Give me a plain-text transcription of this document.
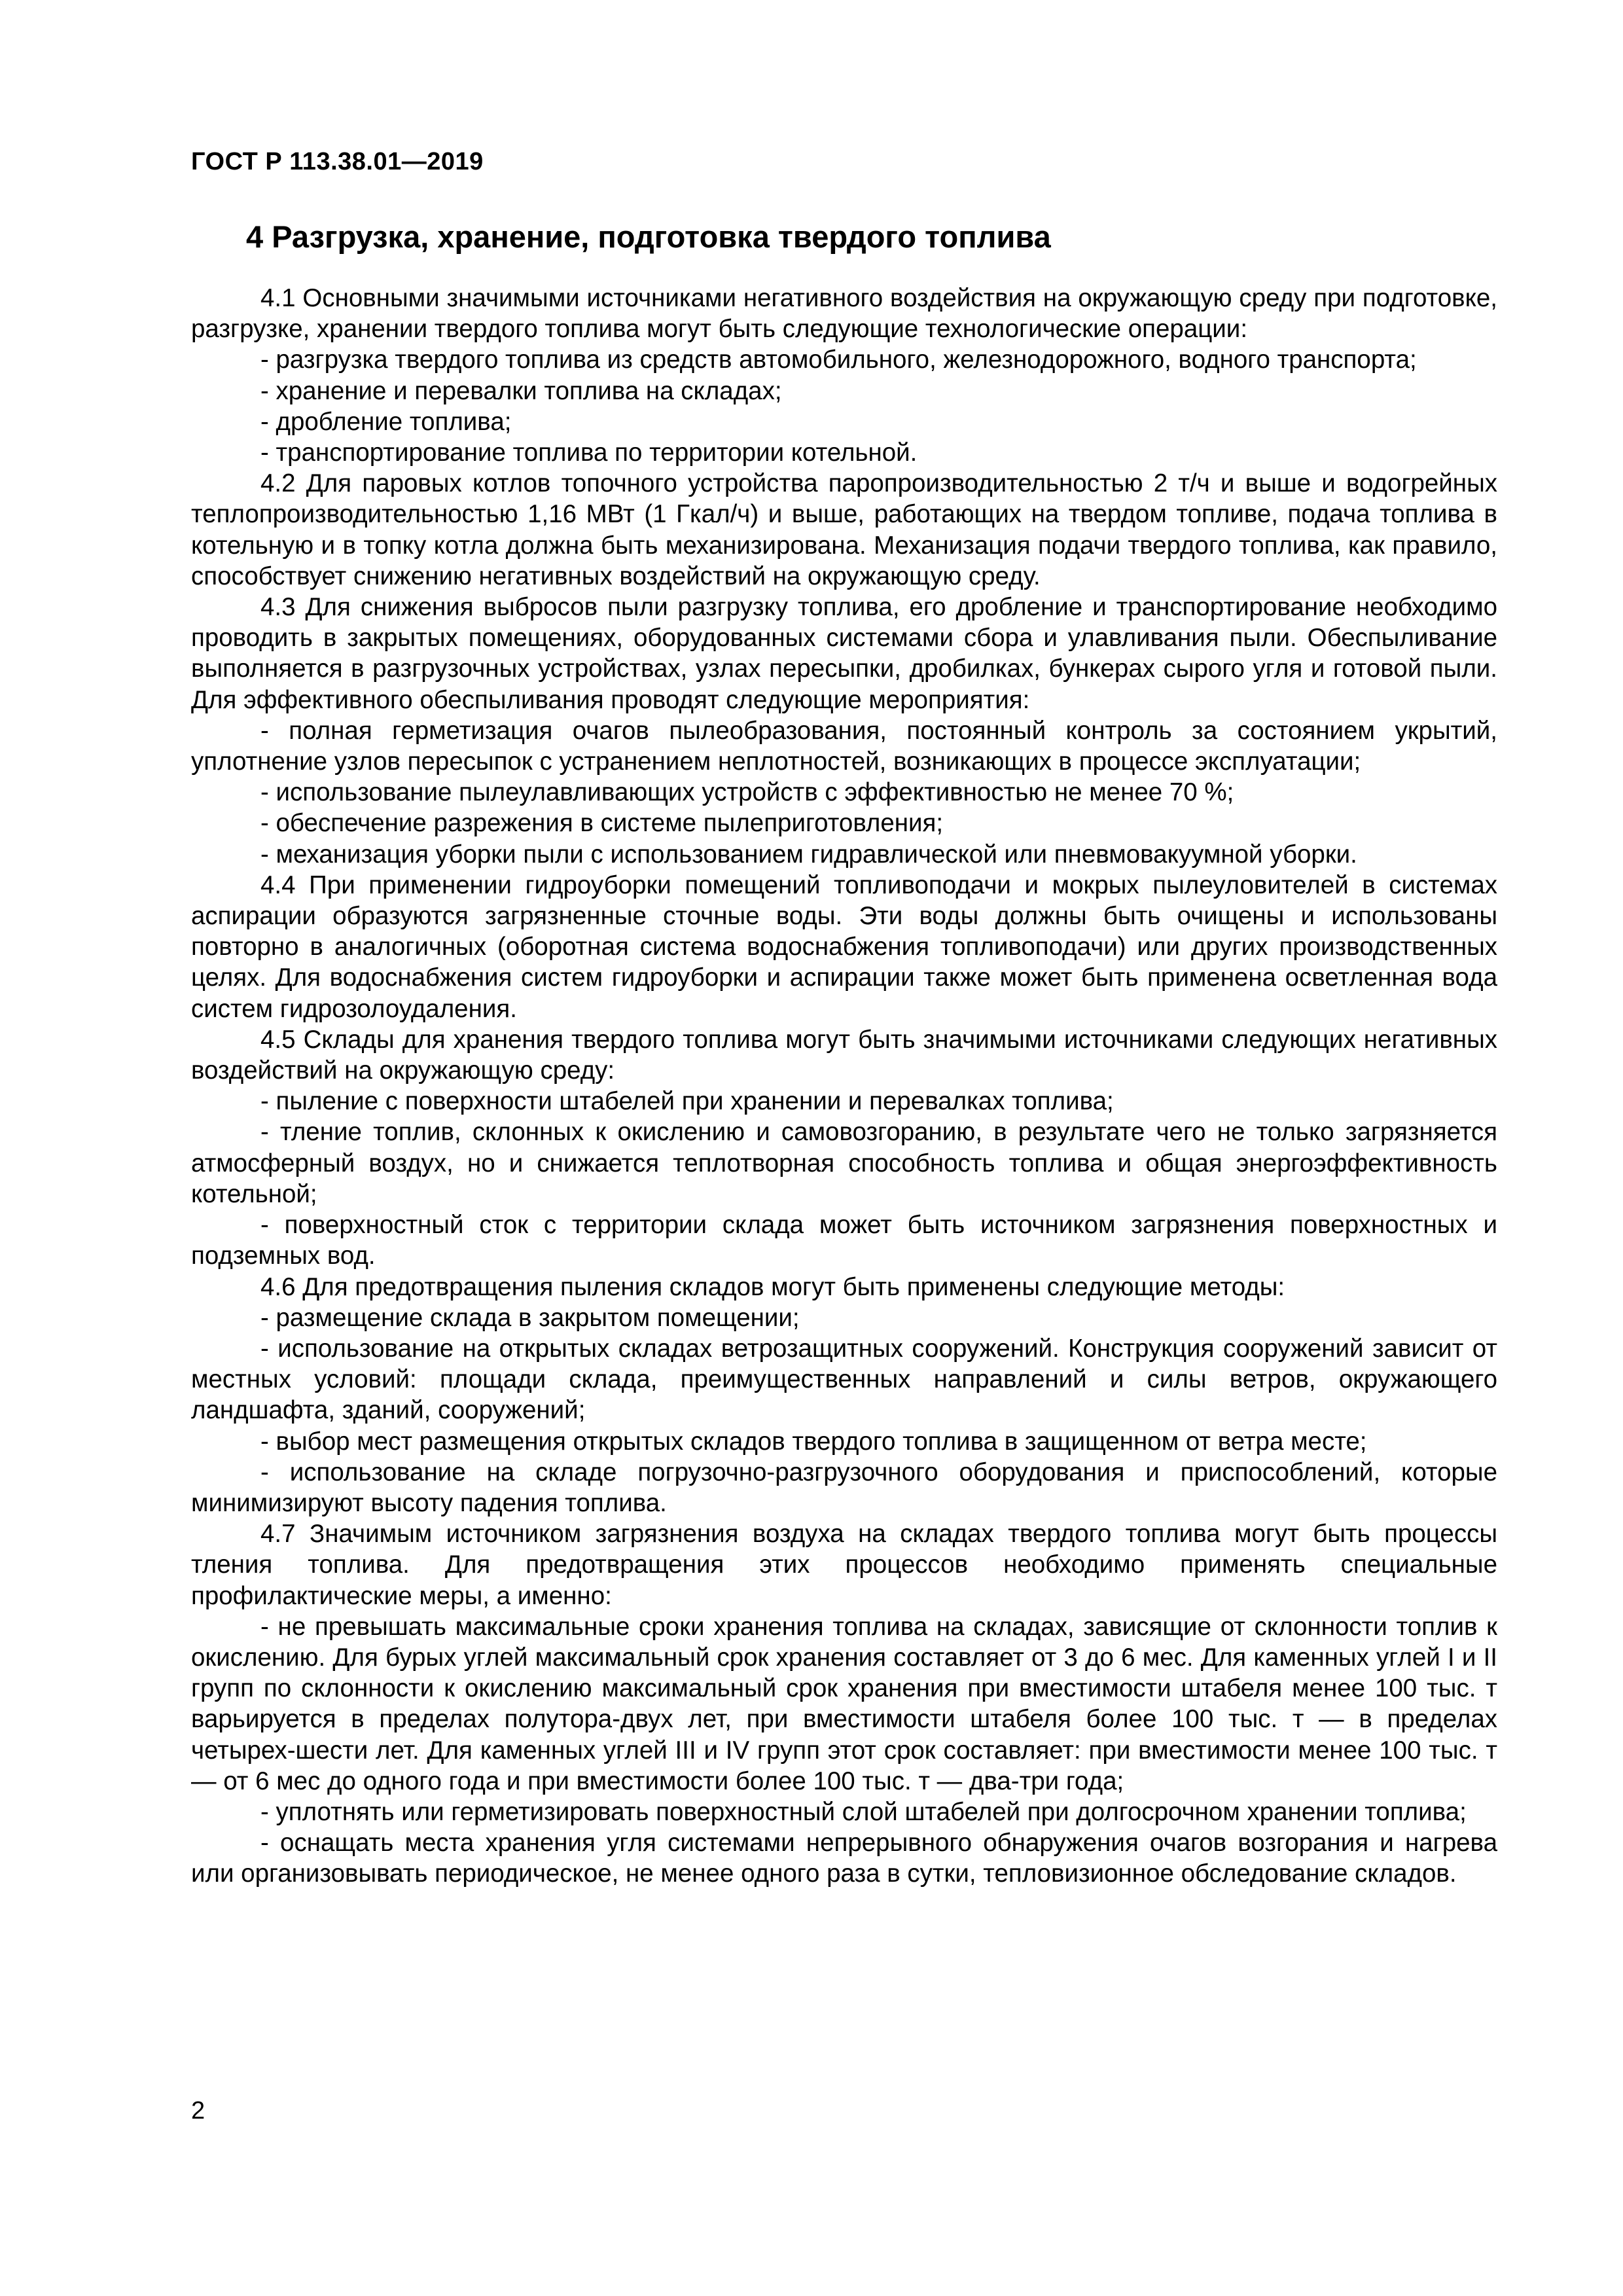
ГОСТ Р 113.38.01—2019
4 Разгрузка, хранение, подготовка твердого топлива

4.1 Основными значимыми источниками негативного воздействия на окружающую среду при подготовке, разгрузке, хранении твердого топлива могут быть следующие технологические операции:

- разгрузка твердого топлива из средств автомобильного, железнодорожного, водного транспорта;

- хранение и перевалки топлива на складах;

- дробление топлива;

- транспортирование топлива по территории котельной.

4.2 Для паровых котлов топочного устройства паропроизводительностью 2 т/ч и выше и водогрейных теплопроизводительностью 1,16 МВт (1 Гкал/ч) и выше, работающих на твердом топливе, подача топлива в котельную и в топку котла должна быть механизирована. Механизация подачи твердого топлива, как правило, способствует снижению негативных воздействий на окружающую среду.

4.3 Для снижения выбросов пыли разгрузку топлива, его дробление и транспортирование необходимо проводить в закрытых помещениях, оборудованных системами сбора и улавливания пыли. Обеспыливание выполняется в разгрузочных устройствах, узлах пересыпки, дробилках, бункерах сырого угля и готовой пыли. Для эффективного обеспыливания проводят следующие мероприятия:

- полная герметизация очагов пылеобразования, постоянный контроль за состоянием укрытий, уплотнение узлов пересыпок с устранением неплотностей, возникающих в процессе эксплуатации;

- использование пылеулавливающих устройств с эффективностью не менее 70 %;

- обеспечение разрежения в системе пылеприготовления;

- механизация уборки пыли с использованием гидравлической или пневмовакуумной уборки.

4.4 При применении гидроуборки помещений топливоподачи и мокрых пылеуловителей в системах аспирации образуются загрязненные сточные воды. Эти воды должны быть очищены и использованы повторно в аналогичных (оборотная система водоснабжения топливоподачи) или других производственных целях. Для водоснабжения систем гидроуборки и аспирации также может быть применена осветленная вода систем гидрозолоудаления.

4.5 Склады для хранения твердого топлива могут быть значимыми источниками следующих негативных воздействий на окружающую среду:

- пыление с поверхности штабелей при хранении и перевалках топлива;

- тление топлив, склонных к окислению и самовозгоранию, в результате чего не только загрязняется атмосферный воздух, но и снижается теплотворная способность топлива и общая энергоэффективность котельной;

- поверхностный сток с территории склада может быть источником загрязнения поверхностных и подземных вод.

4.6 Для предотвращения пыления складов могут быть применены следующие методы:

- размещение склада в закрытом помещении;

- использование на открытых складах ветрозащитных сооружений. Конструкция сооружений зависит от местных условий: площади склада, преимущественных направлений и силы ветров, окружающего ландшафта, зданий, сооружений;

- выбор мест размещения открытых складов твердого топлива в защищенном от ветра месте;

- использование на складе погрузочно-разгрузочного оборудования и приспособлений, которые минимизируют высоту падения топлива.

4.7 Значимым источником загрязнения воздуха на складах твердого топлива могут быть процессы тления топлива. Для предотвращения этих процессов необходимо применять специальные профилактические меры, а именно:

- не превышать максимальные сроки хранения топлива на складах, зависящие от склонности топлив к окислению. Для бурых углей максимальный срок хранения составляет от 3 до 6 мес. Для каменных углей I и II групп по склонности к окислению максимальный срок хранения при вместимости штабеля менее 100 тыс. т варьируется в пределах полутора-двух лет, при вместимости штабеля более 100 тыс. т — в пределах четырех-шести лет. Для каменных углей III и IV групп этот срок составляет: при вместимости менее 100 тыс. т — от 6 мес до одного года и при вместимости более 100 тыс. т — два-три года;

- уплотнять или герметизировать поверхностный слой штабелей при долгосрочном хранении топлива;

- оснащать места хранения угля системами непрерывного обнаружения очагов возгорания и нагрева или организовывать периодическое, не менее одного раза в сутки, тепловизионное обследование складов.

2
